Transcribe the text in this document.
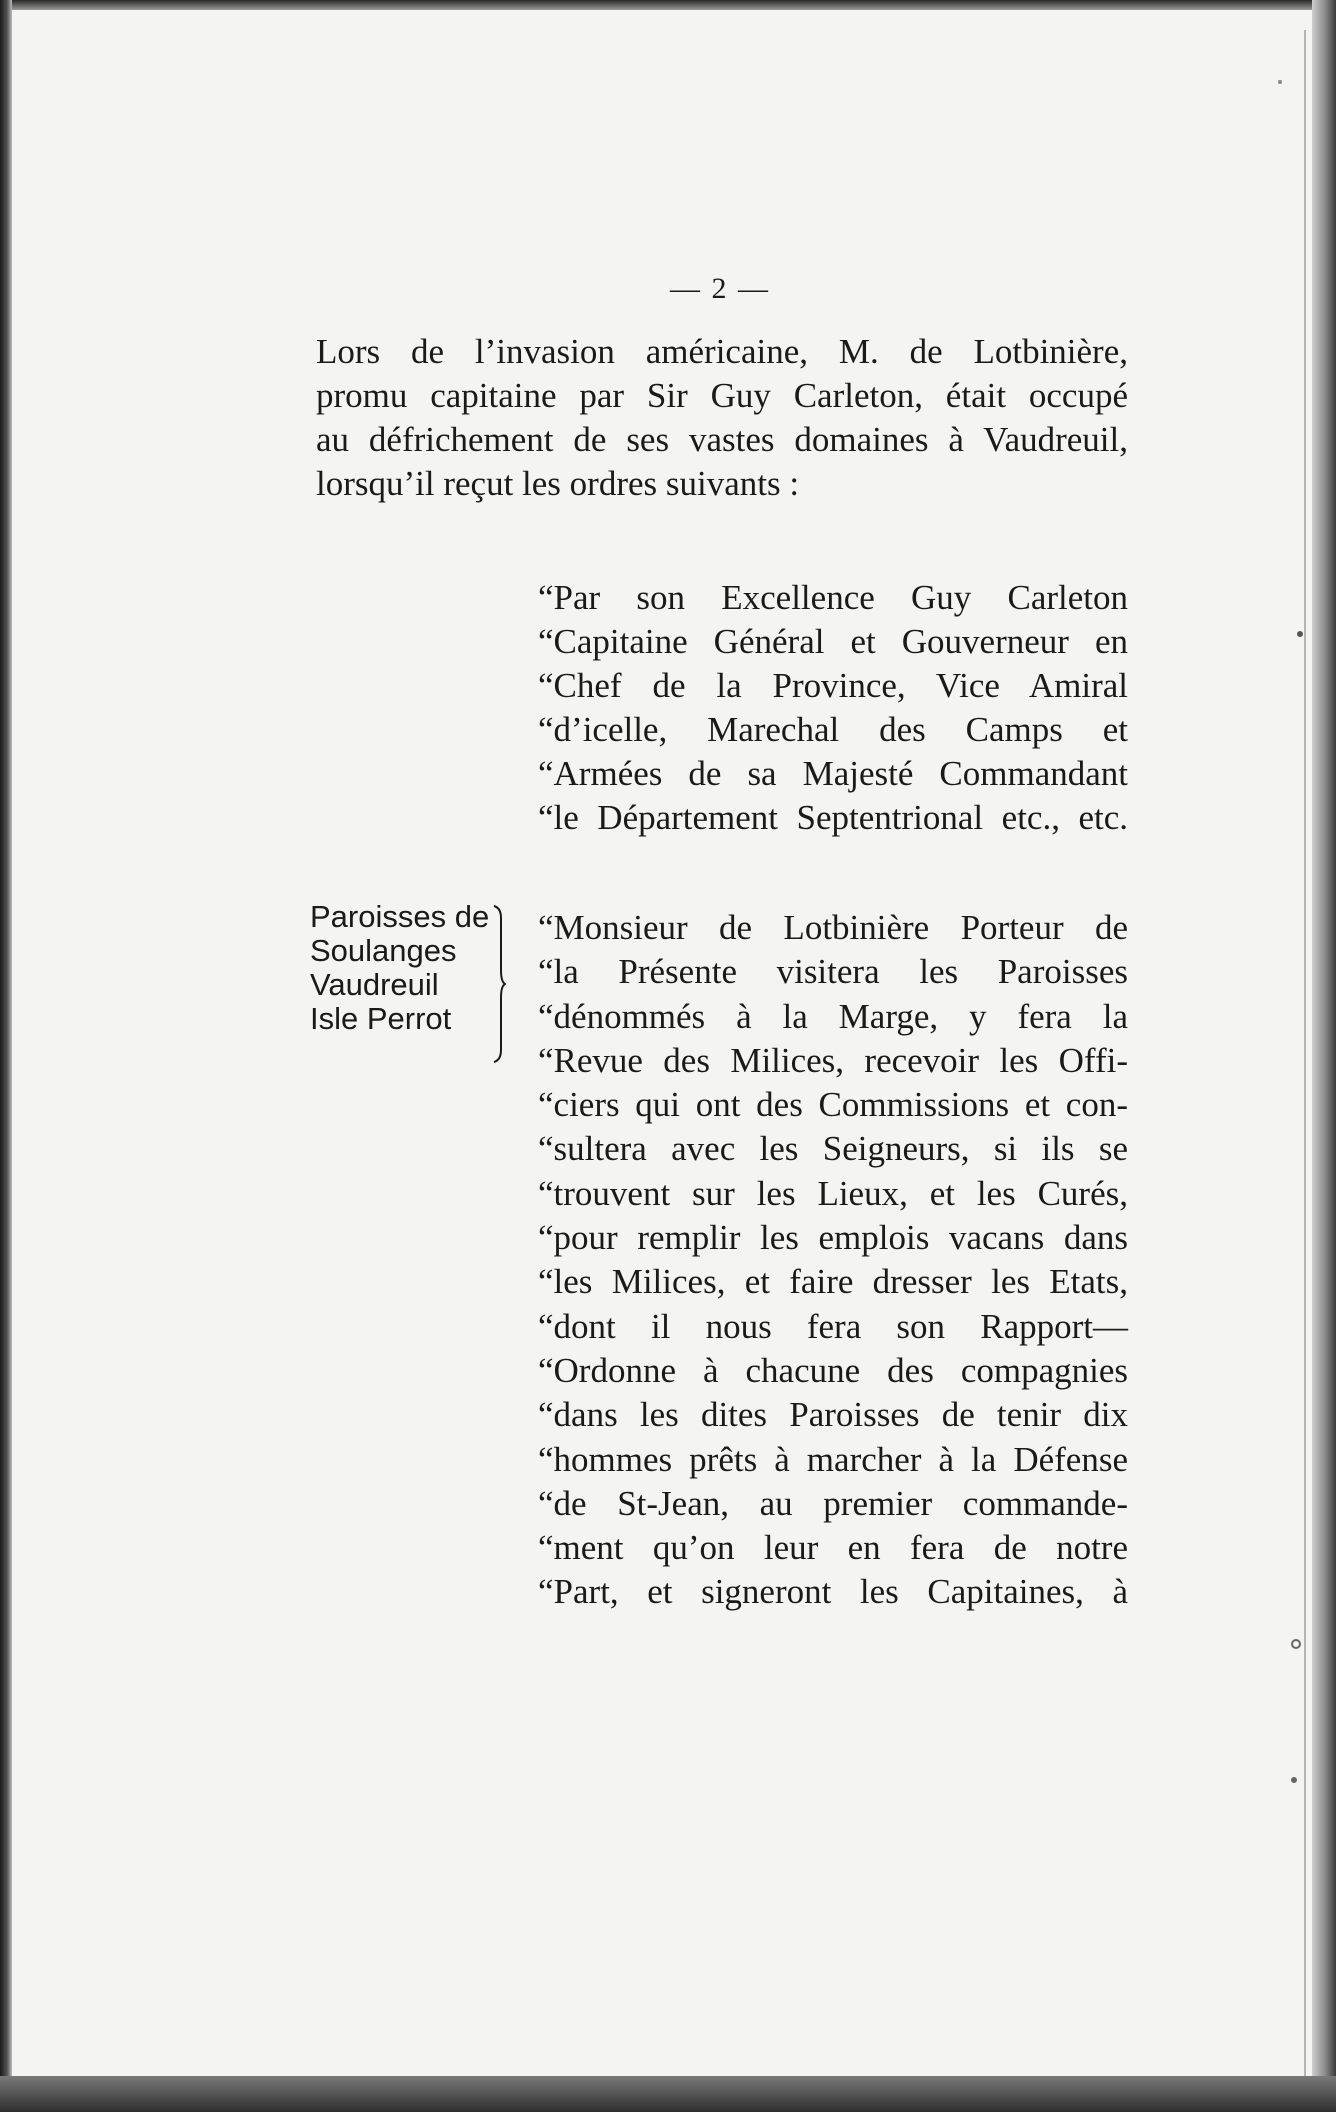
— 2 —
Lors de l’invasion américaine, M. de Lotbinière,
promu capitaine par Sir Guy Carleton, était occupé
au défrichement de ses vastes domaines à Vaudreuil,
lorsqu’il reçut les ordres suivants :
“Par son Excellence Guy Carleton
“Capitaine Général et Gouverneur en
“Chef de la Province, Vice Amiral
“d’icelle, Marechal des Camps et
“Armées de sa Majesté Commandant
“le Département Septentrional etc., etc.
Paroisses de
Soulanges
Vaudreuil
Isle Perrot
“Monsieur de Lotbinière Porteur de
“la Présente visitera les Paroisses
“dénommés à la Marge, y fera la
“Revue des Milices, recevoir les Offi-
“ciers qui ont des Commissions et con-
“sultera avec les Seigneurs, si ils se
“trouvent sur les Lieux, et les Curés,
“pour remplir les emplois vacans dans
“les Milices, et faire dresser les Etats,
“dont il nous fera son Rapport—
“Ordonne à chacune des compagnies
“dans les dites Paroisses de tenir dix
“hommes prêts à marcher à la Défense
“de St-Jean, au premier commande-
“ment qu’on leur en fera de notre
“Part, et signeront les Capitaines, à
